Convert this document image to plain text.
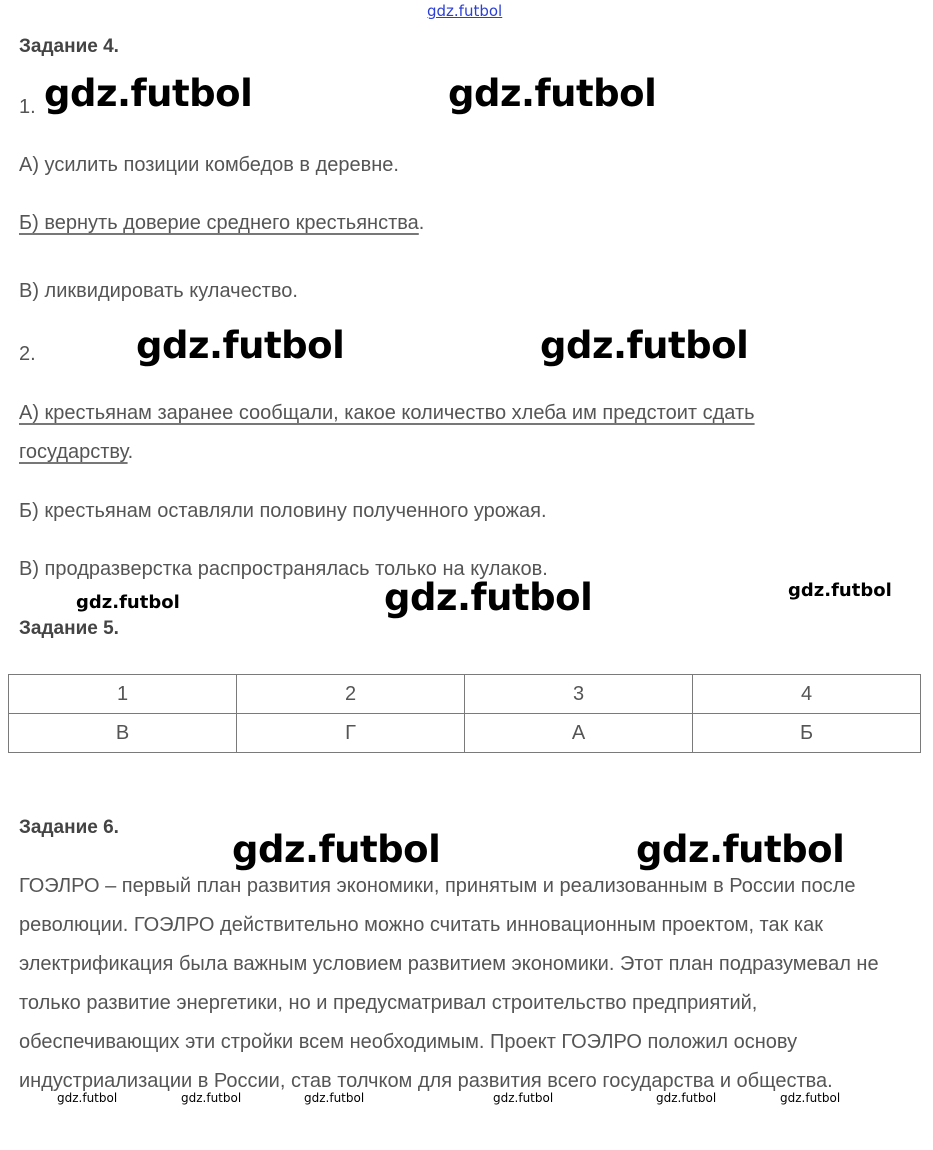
gdz.futbol
Задание 4.
1. gdz.futbol	gdz.futbol
А) усилить позиции комбедов в деревне.
Б) вернуть доверие среднего крестьянства.
В) ликвидировать кулачество.
2.	gdz.futbol	gdz.futbol
А) крестьянам заранее сообщали, какое количество хлеба им предстоит сдать
государству.
Б) крестьянам оставляли половину полученного урожая.
В) продразверстка распространялась только на кулаков.
gdz.futbol	gdz.futbol	gdz.futbol
Задание 5.
1	2	3	4
В	Г	А	Б
Задание 6.
gdz.futbol	gdz.futbol
ГОЭЛРО – первый план развития экономики, принятым и реализованным в России после революции. ГОЭЛРО действительно можно считать инновационным проектом, так как электрификация была важным условием развитием экономики. Этот план подразумевал не только развитие энергетики, но и предусматривал строительство предприятий, обеспечивающих эти стройки всем необходимым. Проект ГОЭЛРО положил основу индустриализации в России, став толчком для развития всего государства и общества.
gdz.futbol	gdz.futbol	gdz.futbol	gdz.futbol	gdz.futbol	gdz.futbol
